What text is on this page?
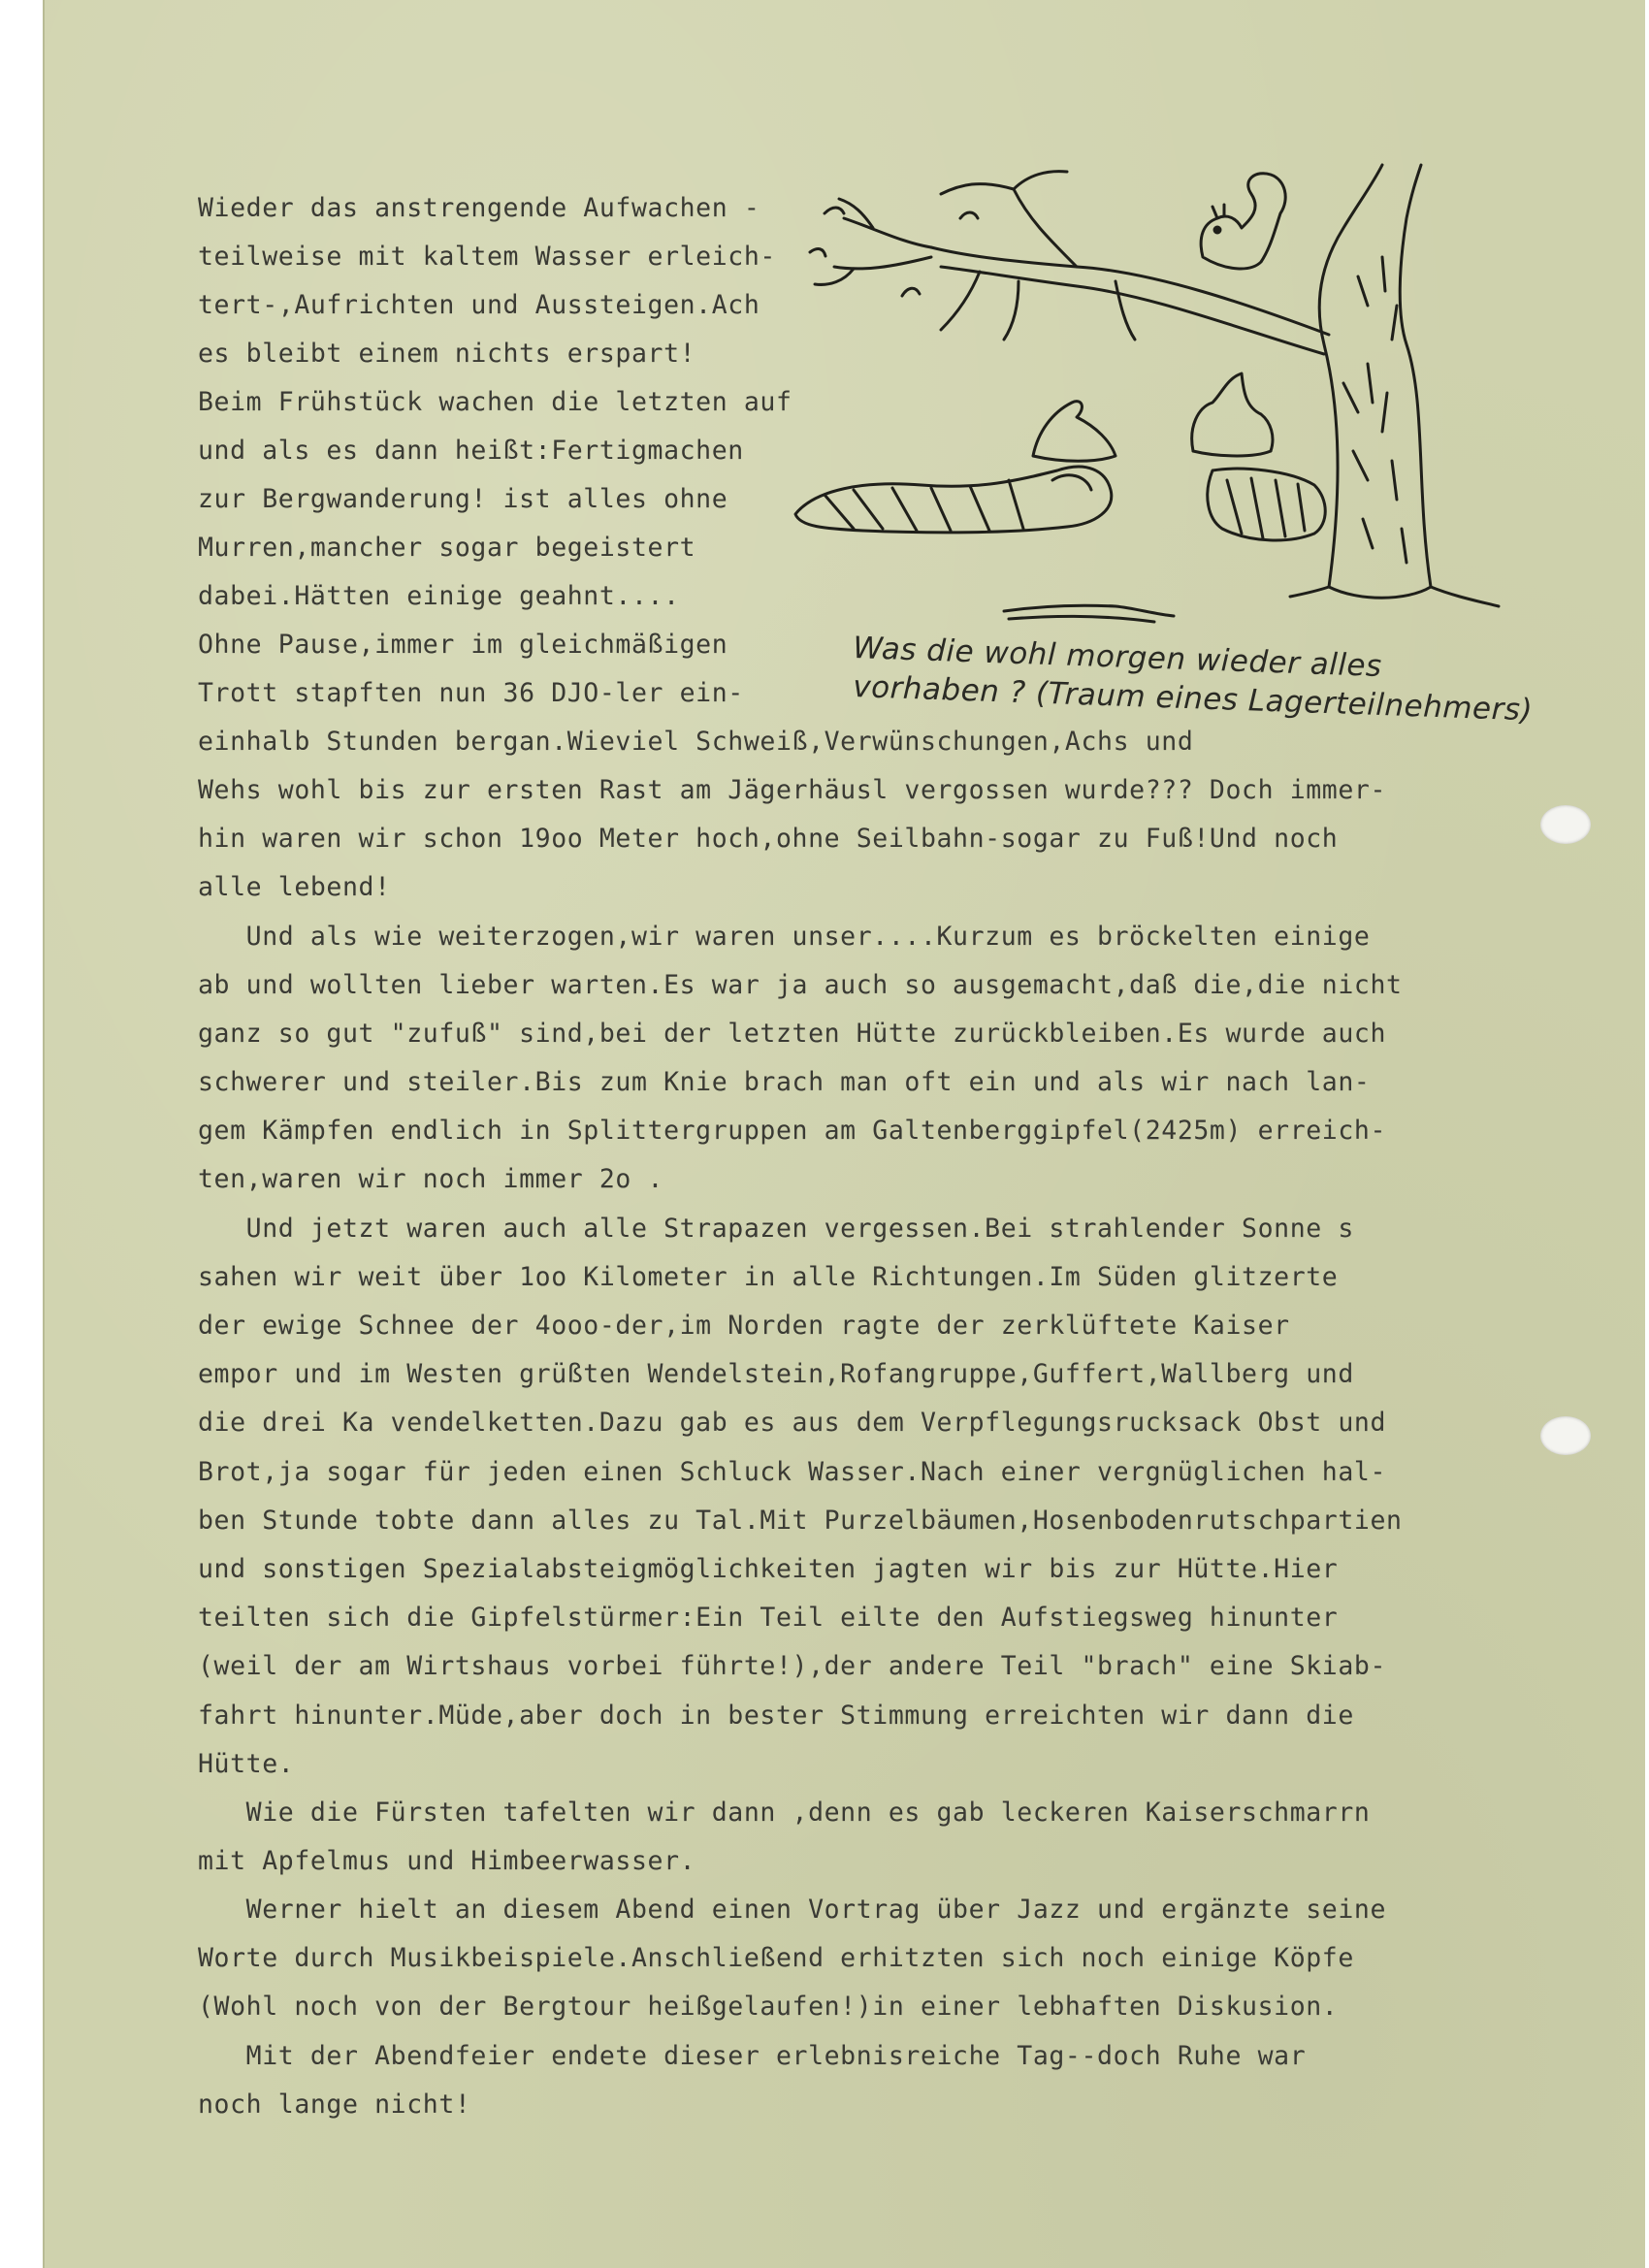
Was die wohl morgen wieder alles

vorhaben ? (Traum eines Lagerteilnehmers)

Wieder das anstrengende Aufwachen -

teilweise mit kaltem Wasser erleich-

tert-,Aufrichten und Aussteigen.Ach

es bleibt einem nichts erspart!

Beim Frühstück wachen die letzten auf

und als es dann heißt:Fertigmachen

zur Bergwanderung! ist alles ohne

Murren,mancher sogar begeistert

dabei.Hätten einige geahnt....

Ohne Pause,immer im gleichmäßigen

Trott stapften nun 36 DJO-ler ein-

einhalb Stunden bergan.Wieviel Schweiß,Verwünschungen,Achs und

Wehs wohl bis zur ersten Rast am Jägerhäusl vergossen wurde??? Doch immer-

hin waren wir schon 19oo Meter hoch,ohne Seilbahn-sogar zu Fuß!Und noch

alle lebend!

Und als wie weiterzogen,wir waren unser....Kurzum es bröckelten einige

ab und wollten lieber warten.Es war ja auch so ausgemacht,daß die,die nicht

ganz so gut "zufuß" sind,bei der letzten Hütte zurückbleiben.Es wurde auch

schwerer und steiler.Bis zum Knie brach man oft ein und als wir nach lan-

gem Kämpfen endlich in Splittergruppen am Galtenberggipfel(2425m) erreich-

ten,waren wir noch immer 2o .

Und jetzt waren auch alle Strapazen vergessen.Bei strahlender Sonne s

sahen wir weit über 1oo Kilometer in alle Richtungen.Im Süden glitzerte

der ewige Schnee der 4ooo-der,im Norden ragte der zerklüftete Kaiser

empor und im Westen grüßten Wendelstein,Rofangruppe,Guffert,Wallberg und

die drei Ka vendelketten.Dazu gab es aus dem Verpflegungsrucksack Obst und

Brot,ja sogar für jeden einen Schluck Wasser.Nach einer vergnüglichen hal-

ben Stunde tobte dann alles zu Tal.Mit Purzelbäumen,Hosenbodenrutschpartien

und sonstigen Spezialabsteigmöglichkeiten jagten wir bis zur Hütte.Hier

teilten sich die Gipfelstürmer:Ein Teil eilte den Aufstiegsweg hinunter

(weil der am Wirtshaus vorbei führte!),der andere Teil "brach" eine Skiab-

fahrt hinunter.Müde,aber doch in bester Stimmung erreichten wir dann die

Hütte.

Wie die Fürsten tafelten wir dann ,denn es gab leckeren Kaiserschmarrn

mit Apfelmus und Himbeerwasser.

Werner hielt an diesem Abend einen Vortrag über Jazz und ergänzte seine

Worte durch Musikbeispiele.Anschließend erhitzten sich noch einige Köpfe

(Wohl noch von der Bergtour heißgelaufen!)in einer lebhaften Diskusion.

Mit der Abendfeier endete dieser erlebnisreiche Tag--doch Ruhe war

noch lange nicht!
